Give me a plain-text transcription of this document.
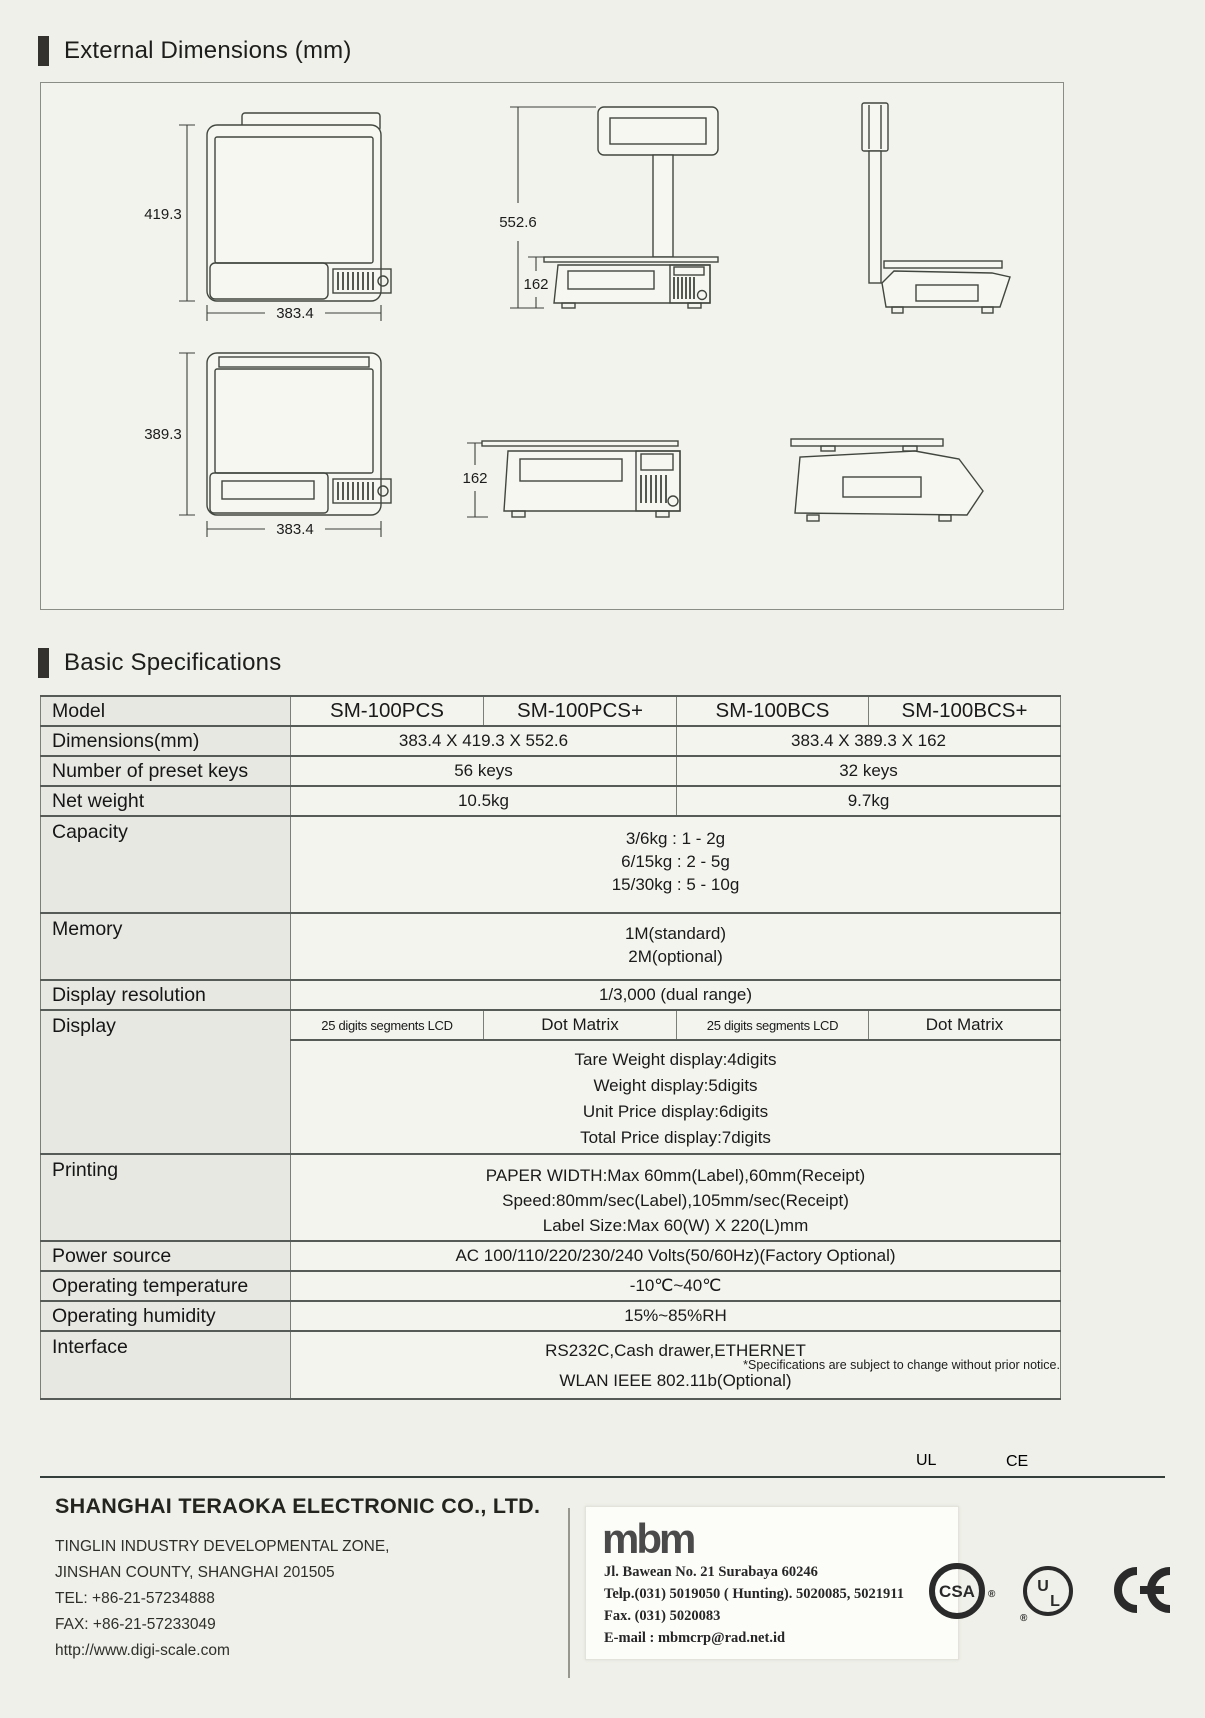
External Dimensions (mm)
419.3
383.4
552.6
162
389.3
383.4
162
Basic Specifications
Model	SM-100PCS	SM-100PCS+	SM-100BCS	SM-100BCS+
Dimensions(mm)	383.4 X 419.3 X 552.6		383.4 X 389.3 X 162	
Number of preset keys	56 keys		32 keys	
Net weight	10.5kg		9.7kg	
Capacity	3/6kg : 1 - 2g
6/15kg : 2 - 5g
15/30kg : 5 - 10g			

Memory	1M(standard)
2M(optional)			

Display resolution	1/3,000 (dual range)			
Display	25 digits segments LCD	Dot Matrix	25 digits segments LCD	Dot Matrix

	Tare Weight display:4digits
Weight display:5digits
Unit Price display:6digits
Total Price display:7digits			

Printing	PAPER WIDTH:Max 60mm(Label),60mm(Receipt)
Speed:80mm/sec(Label),105mm/sec(Receipt)
Label Size:Max 60(W) X 220(L)mm			

Power source	AC 100/110/220/230/240 Volts(50/60Hz)(Factory Optional)			
Operating temperature	-10℃~40℃			
Operating humidity	15%~85%RH			
Interface	RS232C,Cash drawer,ETHERNET
WLAN IEEE 802.11b(Optional)			
*Specifications are subject to change without prior notice.
SHANGHAI TERAOKA ELECTRONIC CO., LTD.
TINGLIN INDUSTRY DEVELOPMENTAL ZONE,
JINSHAN COUNTY, SHANGHAI 201505
TEL: +86-21-57234888
FAX: +86-21-57233049
http://www.digi-scale.com
mbm
Jl. Bawean No. 21 Surabaya 60246
Telp.(031) 5019050 ( Hunting). 5020085, 5021911
Fax. (031) 5020083
E-mail : mbmcrp@rad.net.id
CSA ®	U
L
®
UL	CE
